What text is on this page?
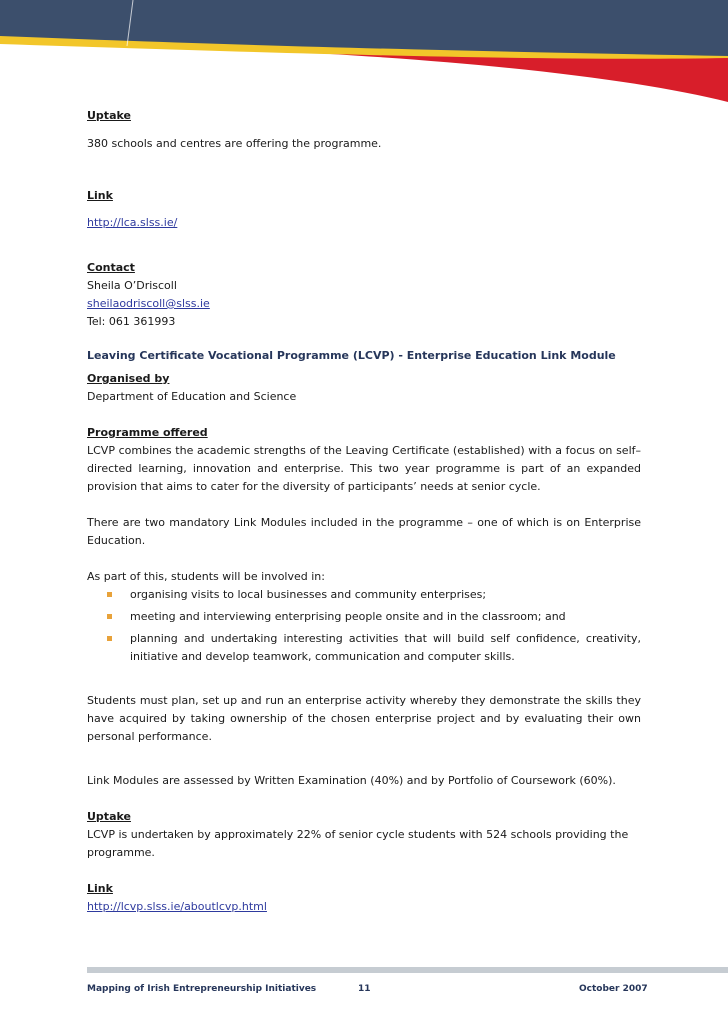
Uptake

380 schools and centres are offering the programme.

Link

http://lca.slss.ie/

Contact

Sheila O’Driscoll

sheilaodriscoll@slss.ie

Tel: 061 361993

Leaving Certificate Vocational Programme (LCVP) - Enterprise Education Link Module

Organised by

Department of Education and Science

Programme offered

LCVP combines the academic strengths of the Leaving Certificate (established) with a focus on self–directed learning, innovation and enterprise. This two year programme is part of an expanded provision that aims to cater for the diversity of participants’ needs at senior cycle.

There are two mandatory Link Modules included in the programme – one of which is on Enterprise Education.

As part of this, students will be involved in:

organising visits to local businesses and community enterprises;
meeting and interviewing enterprising people onsite and in the classroom; and
planning and undertaking interesting activities that will build self confidence, creativity, initiative and develop teamwork, communication and computer skills.

Students must plan, set up and run an enterprise activity whereby they demonstrate the skills they have acquired by taking ownership of the chosen enterprise project and by evaluating their own personal performance.

Link Modules are assessed by Written Examination (40%) and by Portfolio of Coursework (60%).

Uptake

LCVP is undertaken by approximately 22% of senior cycle students with 524 schools providing the programme.

Link

http://lcvp.slss.ie/aboutlcvp.html

Mapping of Irish Entrepreneurship Initiatives	11	October 2007
